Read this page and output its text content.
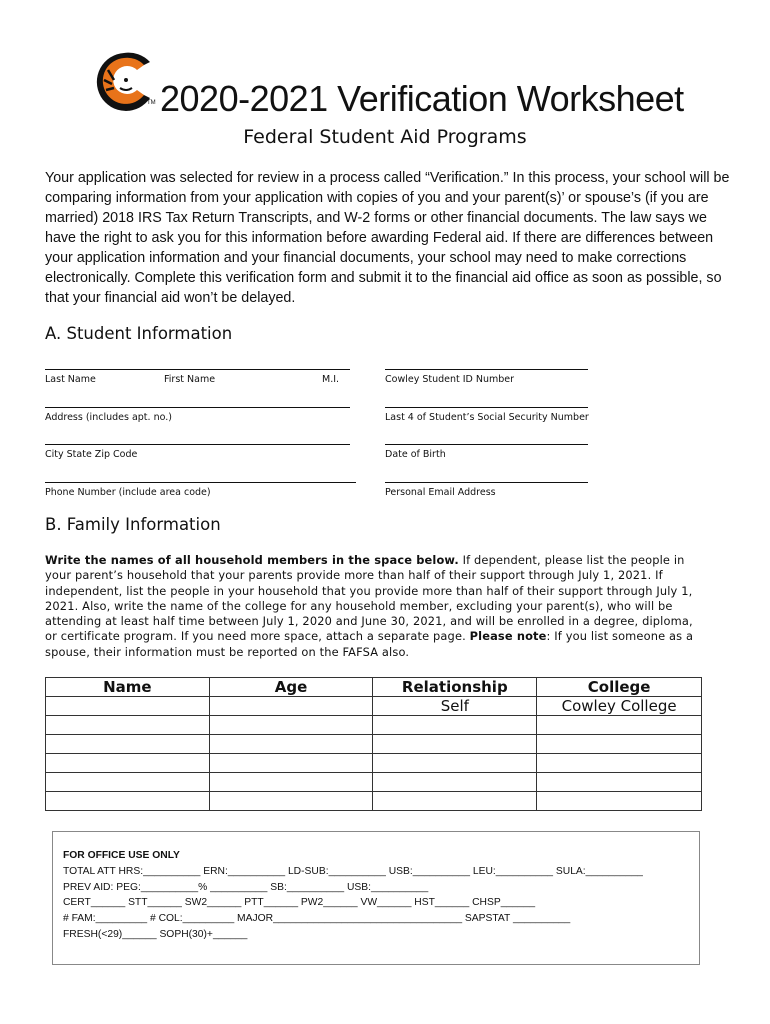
TM 2020-2021 Verification Worksheet
Federal Student Aid Programs
Your application was selected for review in a process called “Verification.” In this process, your school will be comparing information from your application with copies of you and your parent(s)’ or spouse’s (if you are married) 2018 IRS Tax Return Transcripts, and W-2 forms or other financial documents. The law says we have the right to ask you for this information before awarding Federal aid. If there are differences between your application information and your financial documents, your school may need to make corrections electronically. Complete this verification form and submit it to the financial aid office as soon as possible, so that your financial aid won’t be delayed.
A. Student Information
Last Name	First Name	M.I.	Cowley Student ID Number
Address (includes apt. no.)	Last 4 of Student’s Social Security Number
City State Zip Code	Date of Birth
Phone Number (include area code)	Personal Email Address
B. Family Information
Write the names of all household members in the space below. If dependent, please list the people in your parent’s household that your parents provide more than half of their support through July 1, 2021. If independent, list the people in your household that you provide more than half of their support through July 1, 2021. Also, write the name of the college for any household member, excluding your parent(s), who will be attending at least half time between July 1, 2020 and June 30, 2021, and will be enrolled in a degree, diploma, or certificate program. If you need more space, attach a separate page. Please note: If you list someone as a spouse, their information must be reported on the FAFSA also.
Name	Age	Relationship	College
		Self	Cowley College

FOR OFFICE USE ONLY
TOTAL ATT HRS:__________ ERN:__________ LD-SUB:__________ USB:__________ LEU:__________ SULA:__________
PREV AID: PEG:__________% __________ SB:__________ USB:__________
CERT______ STT______ SW2______ PTT______ PW2______ VW______ HST______ CHSP______
# FAM:_________ # COL:_________ MAJOR_________________________________ SAPSTAT __________
FRESH(<29)______ SOPH(30)+______
